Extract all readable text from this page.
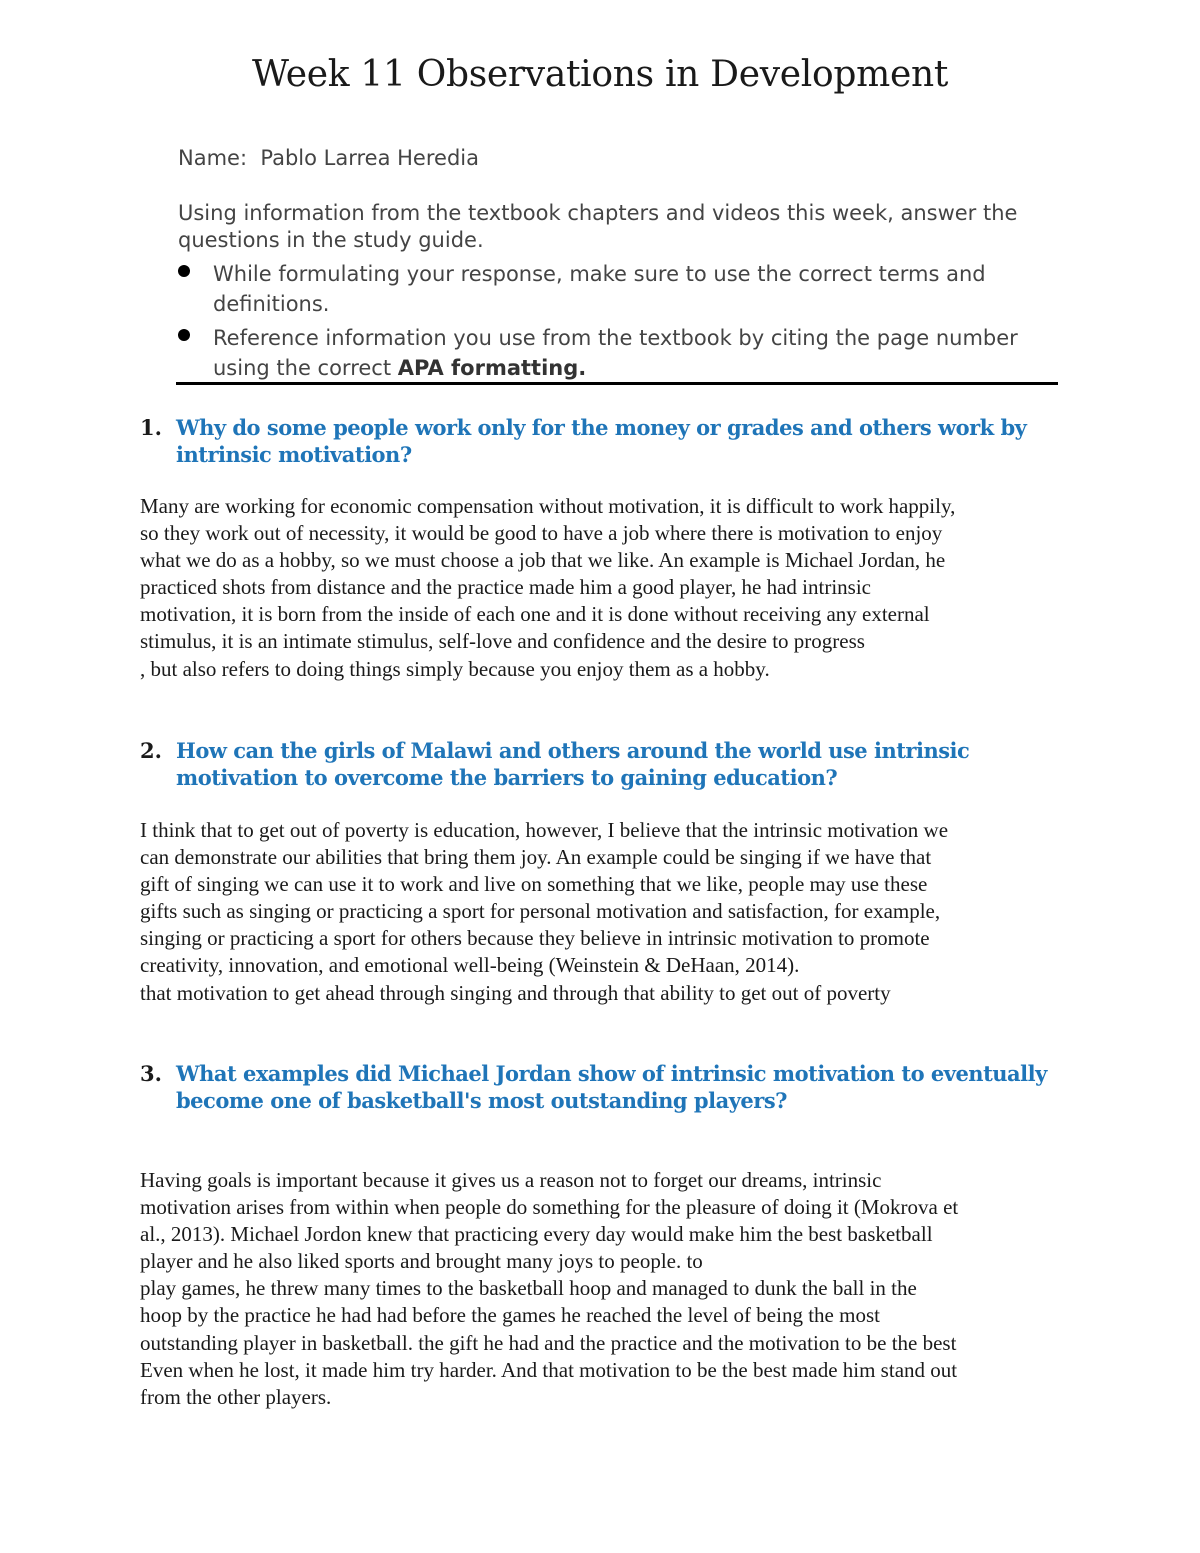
Week 11 Observations in Development
Name: Pablo Larrea Heredia
Using information from the textbook chapters and videos this week, answer the questions in the study guide.
While formulating your response, make sure to use the correct terms and definitions.
Reference information you use from the textbook by citing the page number using the correct APA formatting.
1. Why do some people work only for the money or grades and others work by intrinsic motivation?
Many are working for economic compensation without motivation, it is difficult to work happily,
so they work out of necessity, it would be good to have a job where there is motivation to enjoy
what we do as a hobby, so we must choose a job that we like. An example is Michael Jordan, he
practiced shots from distance and the practice made him a good player, he had intrinsic
motivation, it is born from the inside of each one and it is done without receiving any external
stimulus, it is an intimate stimulus, self-love and confidence and the desire to progress
, but also refers to doing things simply because you enjoy them as a hobby.
2. How can the girls of Malawi and others around the world use intrinsic motivation to overcome the barriers to gaining education?
I think that to get out of poverty is education, however, I believe that the intrinsic motivation we
can demonstrate our abilities that bring them joy. An example could be singing if we have that
gift of singing we can use it to work and live on something that we like, people may use these
gifts such as singing or practicing a sport for personal motivation and satisfaction, for example,
singing or practicing a sport for others because they believe in intrinsic motivation to promote
creativity, innovation, and emotional well-being (Weinstein & DeHaan, 2014).
that motivation to get ahead through singing and through that ability to get out of poverty
3. What examples did Michael Jordan show of intrinsic motivation to eventually become one of basketball's most outstanding players?
Having goals is important because it gives us a reason not to forget our dreams, intrinsic
motivation arises from within when people do something for the pleasure of doing it (Mokrova et
al., 2013). Michael Jordon knew that practicing every day would make him the best basketball
player and he also liked sports and brought many joys to people. to
play games, he threw many times to the basketball hoop and managed to dunk the ball in the
hoop by the practice he had had before the games he reached the level of being the most
outstanding player in basketball. the gift he had and the practice and the motivation to be the best
Even when he lost, it made him try harder. And that motivation to be the best made him stand out
from the other players.
